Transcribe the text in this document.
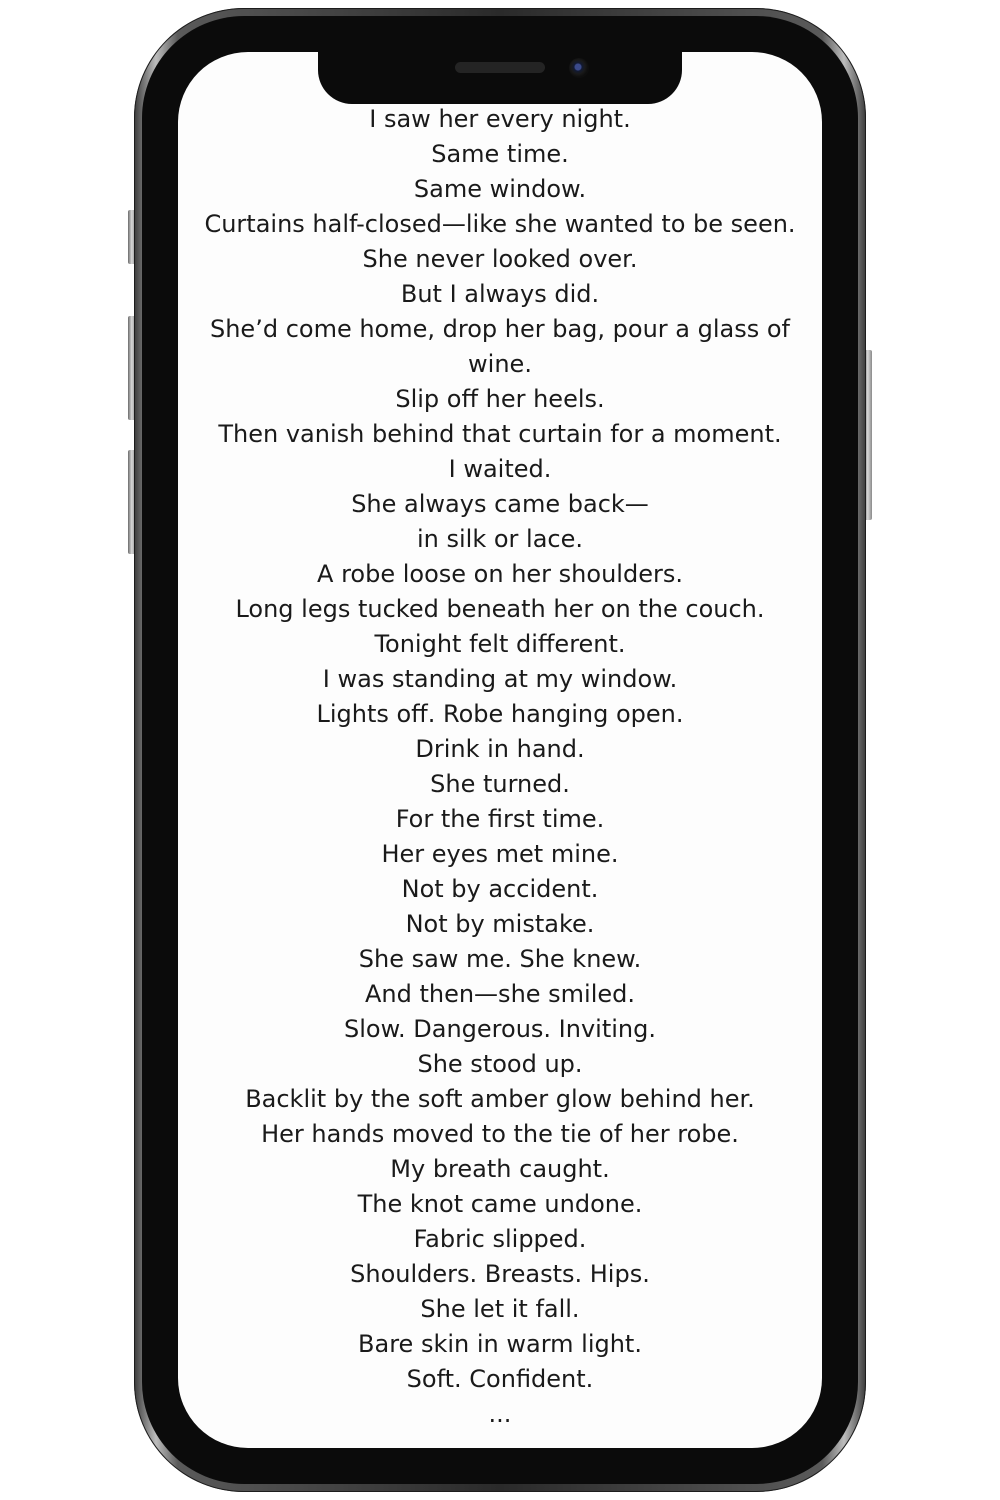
I saw her every night.
Same time.
Same window.
Curtains half-closed—like she wanted to be seen.
She never looked over.
But I always did.
She’d come home, drop her bag, pour a glass of wine.
Slip off her heels.
Then vanish behind that curtain for a moment.
I waited.
She always came back—
in silk or lace.
A robe loose on her shoulders.
Long legs tucked beneath her on the couch.
Tonight felt different.
I was standing at my window.
Lights off. Robe hanging open.
Drink in hand.
She turned.
For the first time.
Her eyes met mine.
Not by accident.
Not by mistake.
She saw me. She knew.
And then—she smiled.
Slow. Dangerous. Inviting.
She stood up.
Backlit by the soft amber glow behind her.
Her hands moved to the tie of her robe.
My breath caught.
The knot came undone.
Fabric slipped.
Shoulders. Breasts. Hips.
She let it fall.
Bare skin in warm light.
Soft. Confident.
...
